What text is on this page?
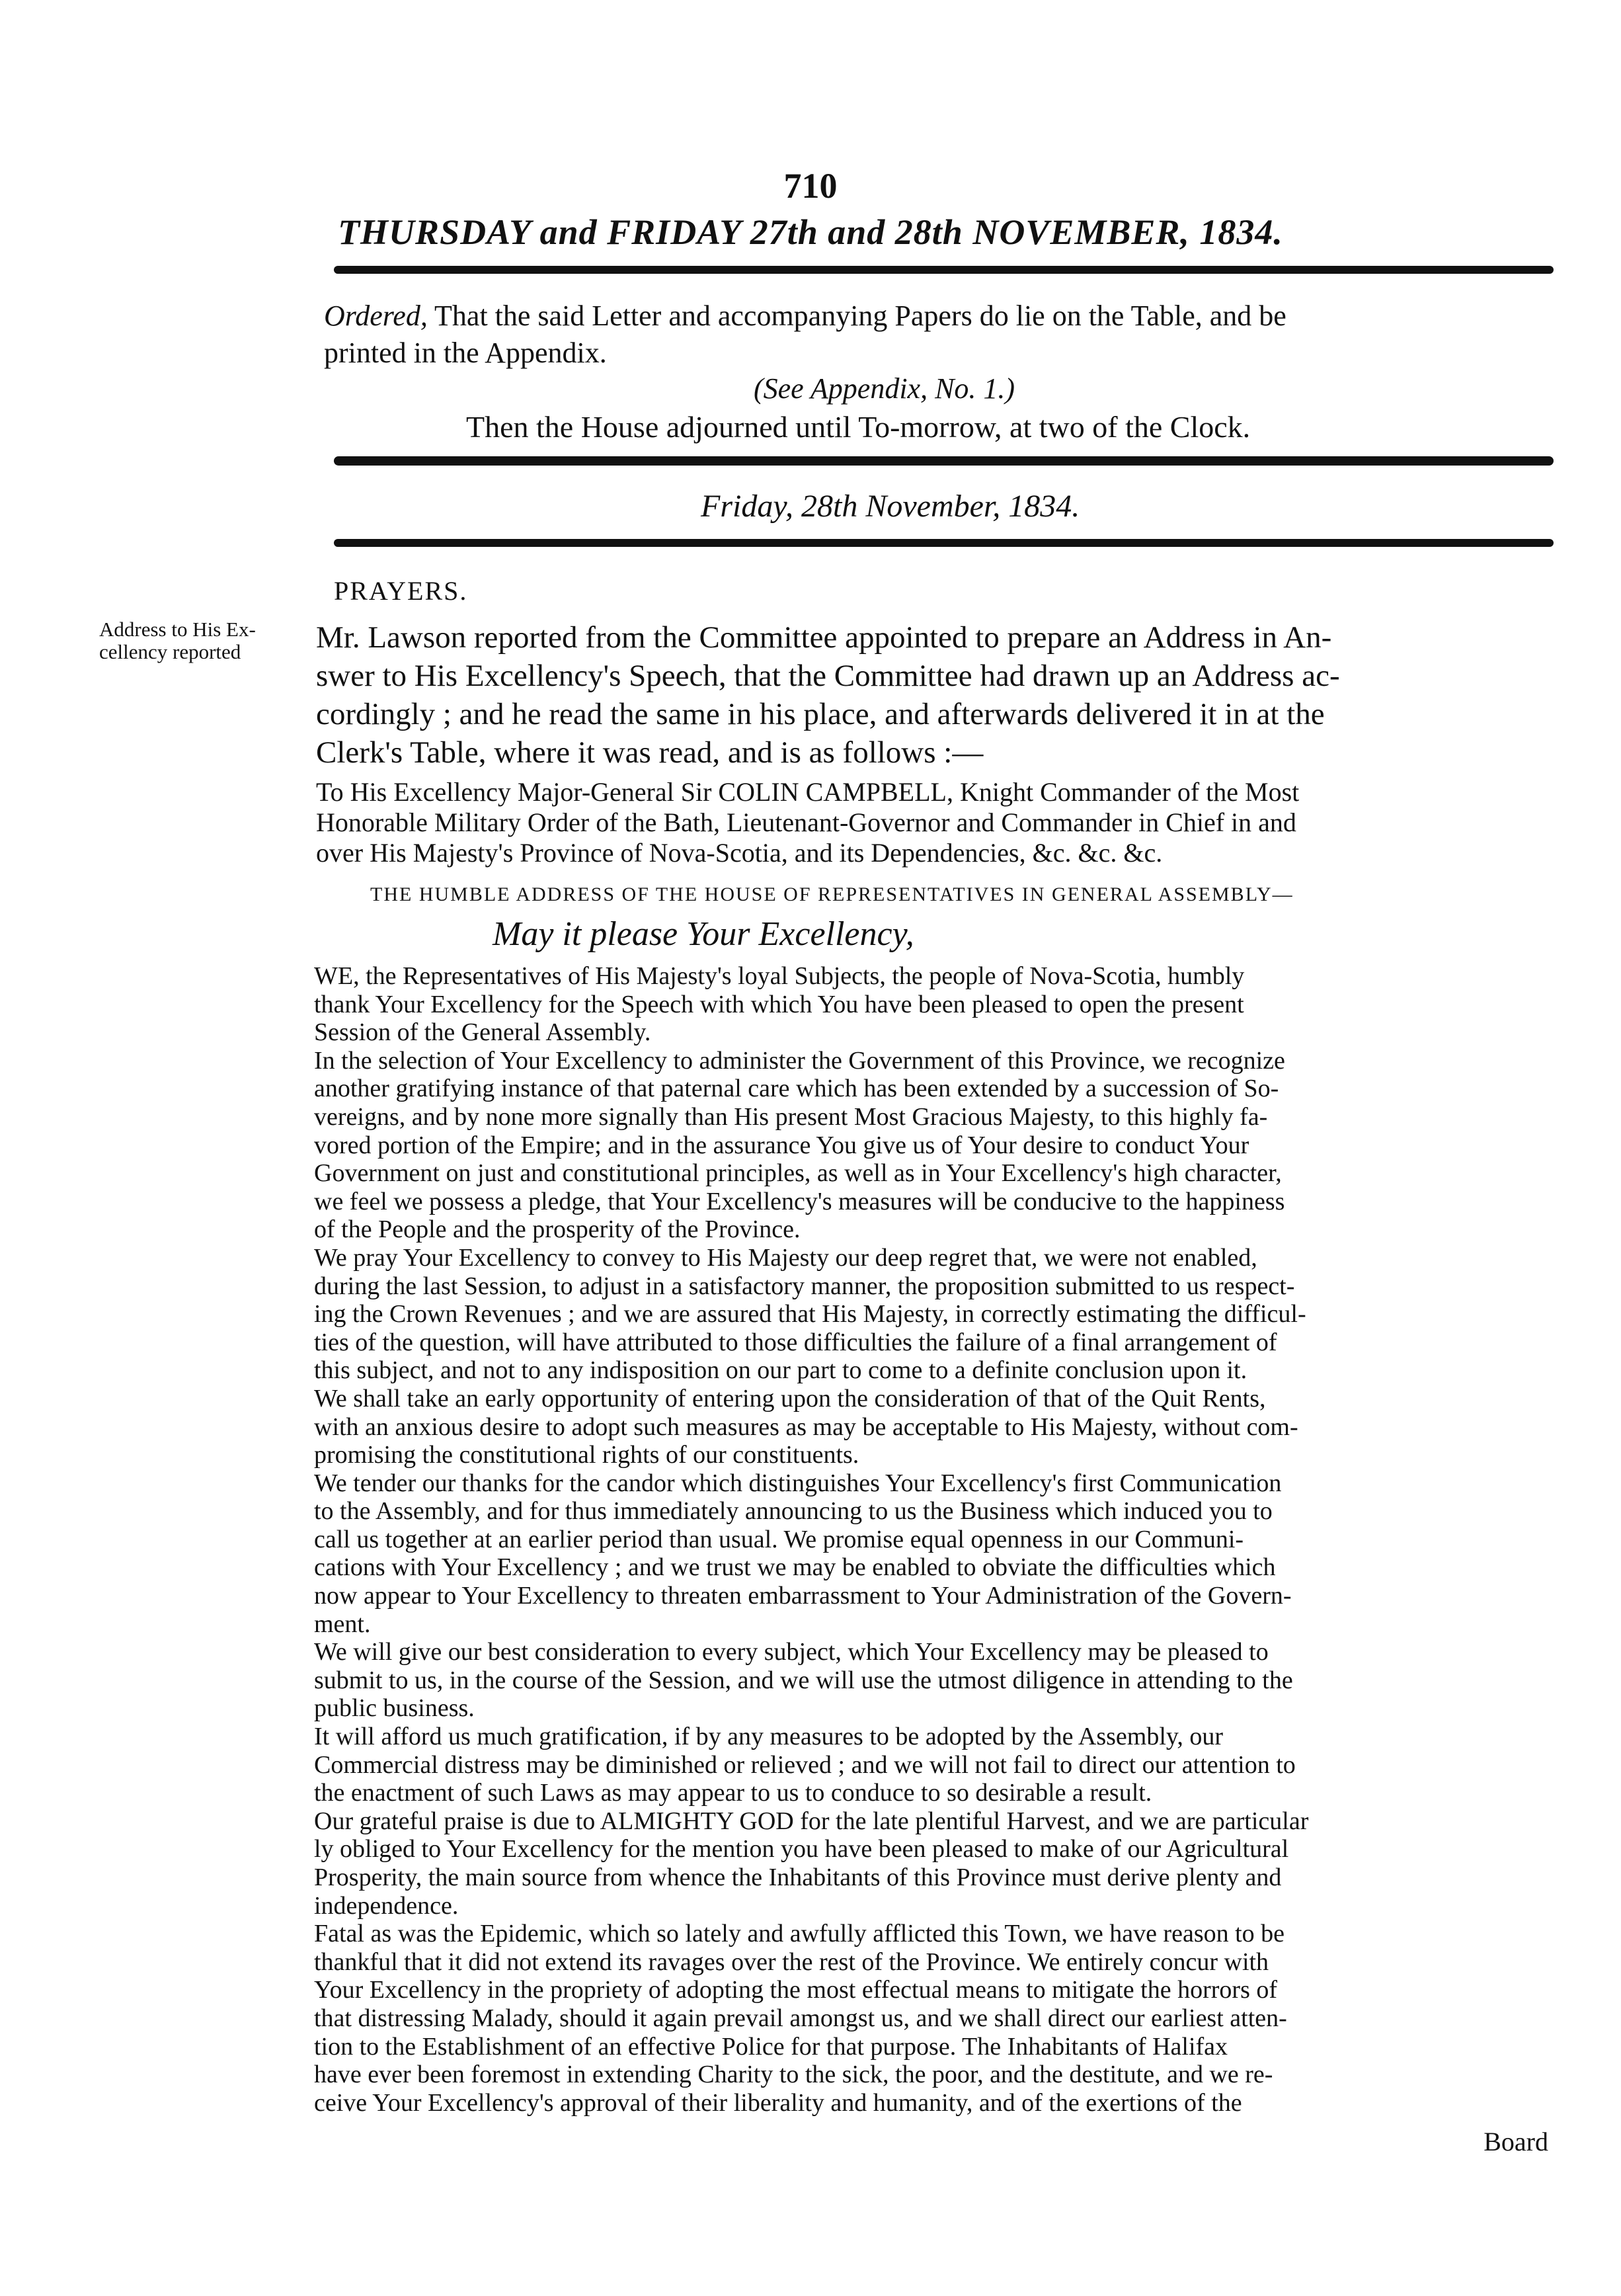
710
THURSDAY and FRIDAY 27th and 28th NOVEMBER, 1834.

Ordered, That the said Letter and accompanying Papers do lie on the Table, and be
printed in the Appendix.

(See Appendix, No. 1.)

Then the House adjourned until To-morrow, at two of the Clock.

Friday, 28th November, 1834.

PRAYERS.

Address to His Ex-
cellency reported	Mr. Lawson reported from the Committee appointed to prepare an Address in An-
swer to His Excellency's Speech, that the Committee had drawn up an Address ac-
cordingly ; and he read the same in his place, and afterwards delivered it in at the
Clerk's Table, where it was read, and is as follows :—

To His Excellency Major-General Sir COLIN CAMPBELL, Knight Commander of the Most
Honorable Military Order of the Bath, Lieutenant-Governor and Commander in Chief in and
over His Majesty's Province of Nova-Scotia, and its Dependencies, &c. &c. &c.

THE HUMBLE ADDRESS OF THE HOUSE OF REPRESENTATIVES IN GENERAL ASSEMBLY—

May it please Your Excellency,

WE, the Representatives of His Majesty's loyal Subjects, the people of Nova-Scotia, humbly
thank Your Excellency for the Speech with which You have been pleased to open the present
Session of the General Assembly.
In the selection of Your Excellency to administer the Government of this Province, we recognize
another gratifying instance of that paternal care which has been extended by a succession of So-
vereigns, and by none more signally than His present Most Gracious Majesty, to this highly fa-
vored portion of the Empire; and in the assurance You give us of Your desire to conduct Your
Government on just and constitutional principles, as well as in Your Excellency's high character,
we feel we possess a pledge, that Your Excellency's measures will be conducive to the happiness
of the People and the prosperity of the Province.
We pray Your Excellency to convey to His Majesty our deep regret that, we were not enabled,
during the last Session, to adjust in a satisfactory manner, the proposition submitted to us respect-
ing the Crown Revenues ; and we are assured that His Majesty, in correctly estimating the difficul-
ties of the question, will have attributed to those difficulties the failure of a final arrangement of
this subject, and not to any indisposition on our part to come to a definite conclusion upon it.
We shall take an early opportunity of entering upon the consideration of that of the Quit Rents,
with an anxious desire to adopt such measures as may be acceptable to His Majesty, without com-
promising the constitutional rights of our constituents.
We tender our thanks for the candor which distinguishes Your Excellency's first Communication
to the Assembly, and for thus immediately announcing to us the Business which induced you to
call us together at an earlier period than usual. We promise equal openness in our Communi-
cations with Your Excellency ; and we trust we may be enabled to obviate the difficulties which
now appear to Your Excellency to threaten embarrassment to Your Administration of the Govern-
ment.
We will give our best consideration to every subject, which Your Excellency may be pleased to
submit to us, in the course of the Session, and we will use the utmost diligence in attending to the
public business.
It will afford us much gratification, if by any measures to be adopted by the Assembly, our
Commercial distress may be diminished or relieved ; and we will not fail to direct our attention to
the enactment of such Laws as may appear to us to conduce to so desirable a result.
Our grateful praise is due to ALMIGHTY GOD for the late plentiful Harvest, and we are particular
ly obliged to Your Excellency for the mention you have been pleased to make of our Agricultural
Prosperity, the main source from whence the Inhabitants of this Province must derive plenty and
independence.
Fatal as was the Epidemic, which so lately and awfully afflicted this Town, we have reason to be
thankful that it did not extend its ravages over the rest of the Province. We entirely concur with
Your Excellency in the propriety of adopting the most effectual means to mitigate the horrors of
that distressing Malady, should it again prevail amongst us, and we shall direct our earliest atten-
tion to the Establishment of an effective Police for that purpose. The Inhabitants of Halifax
have ever been foremost in extending Charity to the sick, the poor, and the destitute, and we re-
ceive Your Excellency's approval of their liberality and humanity, and of the exertions of the

Board
